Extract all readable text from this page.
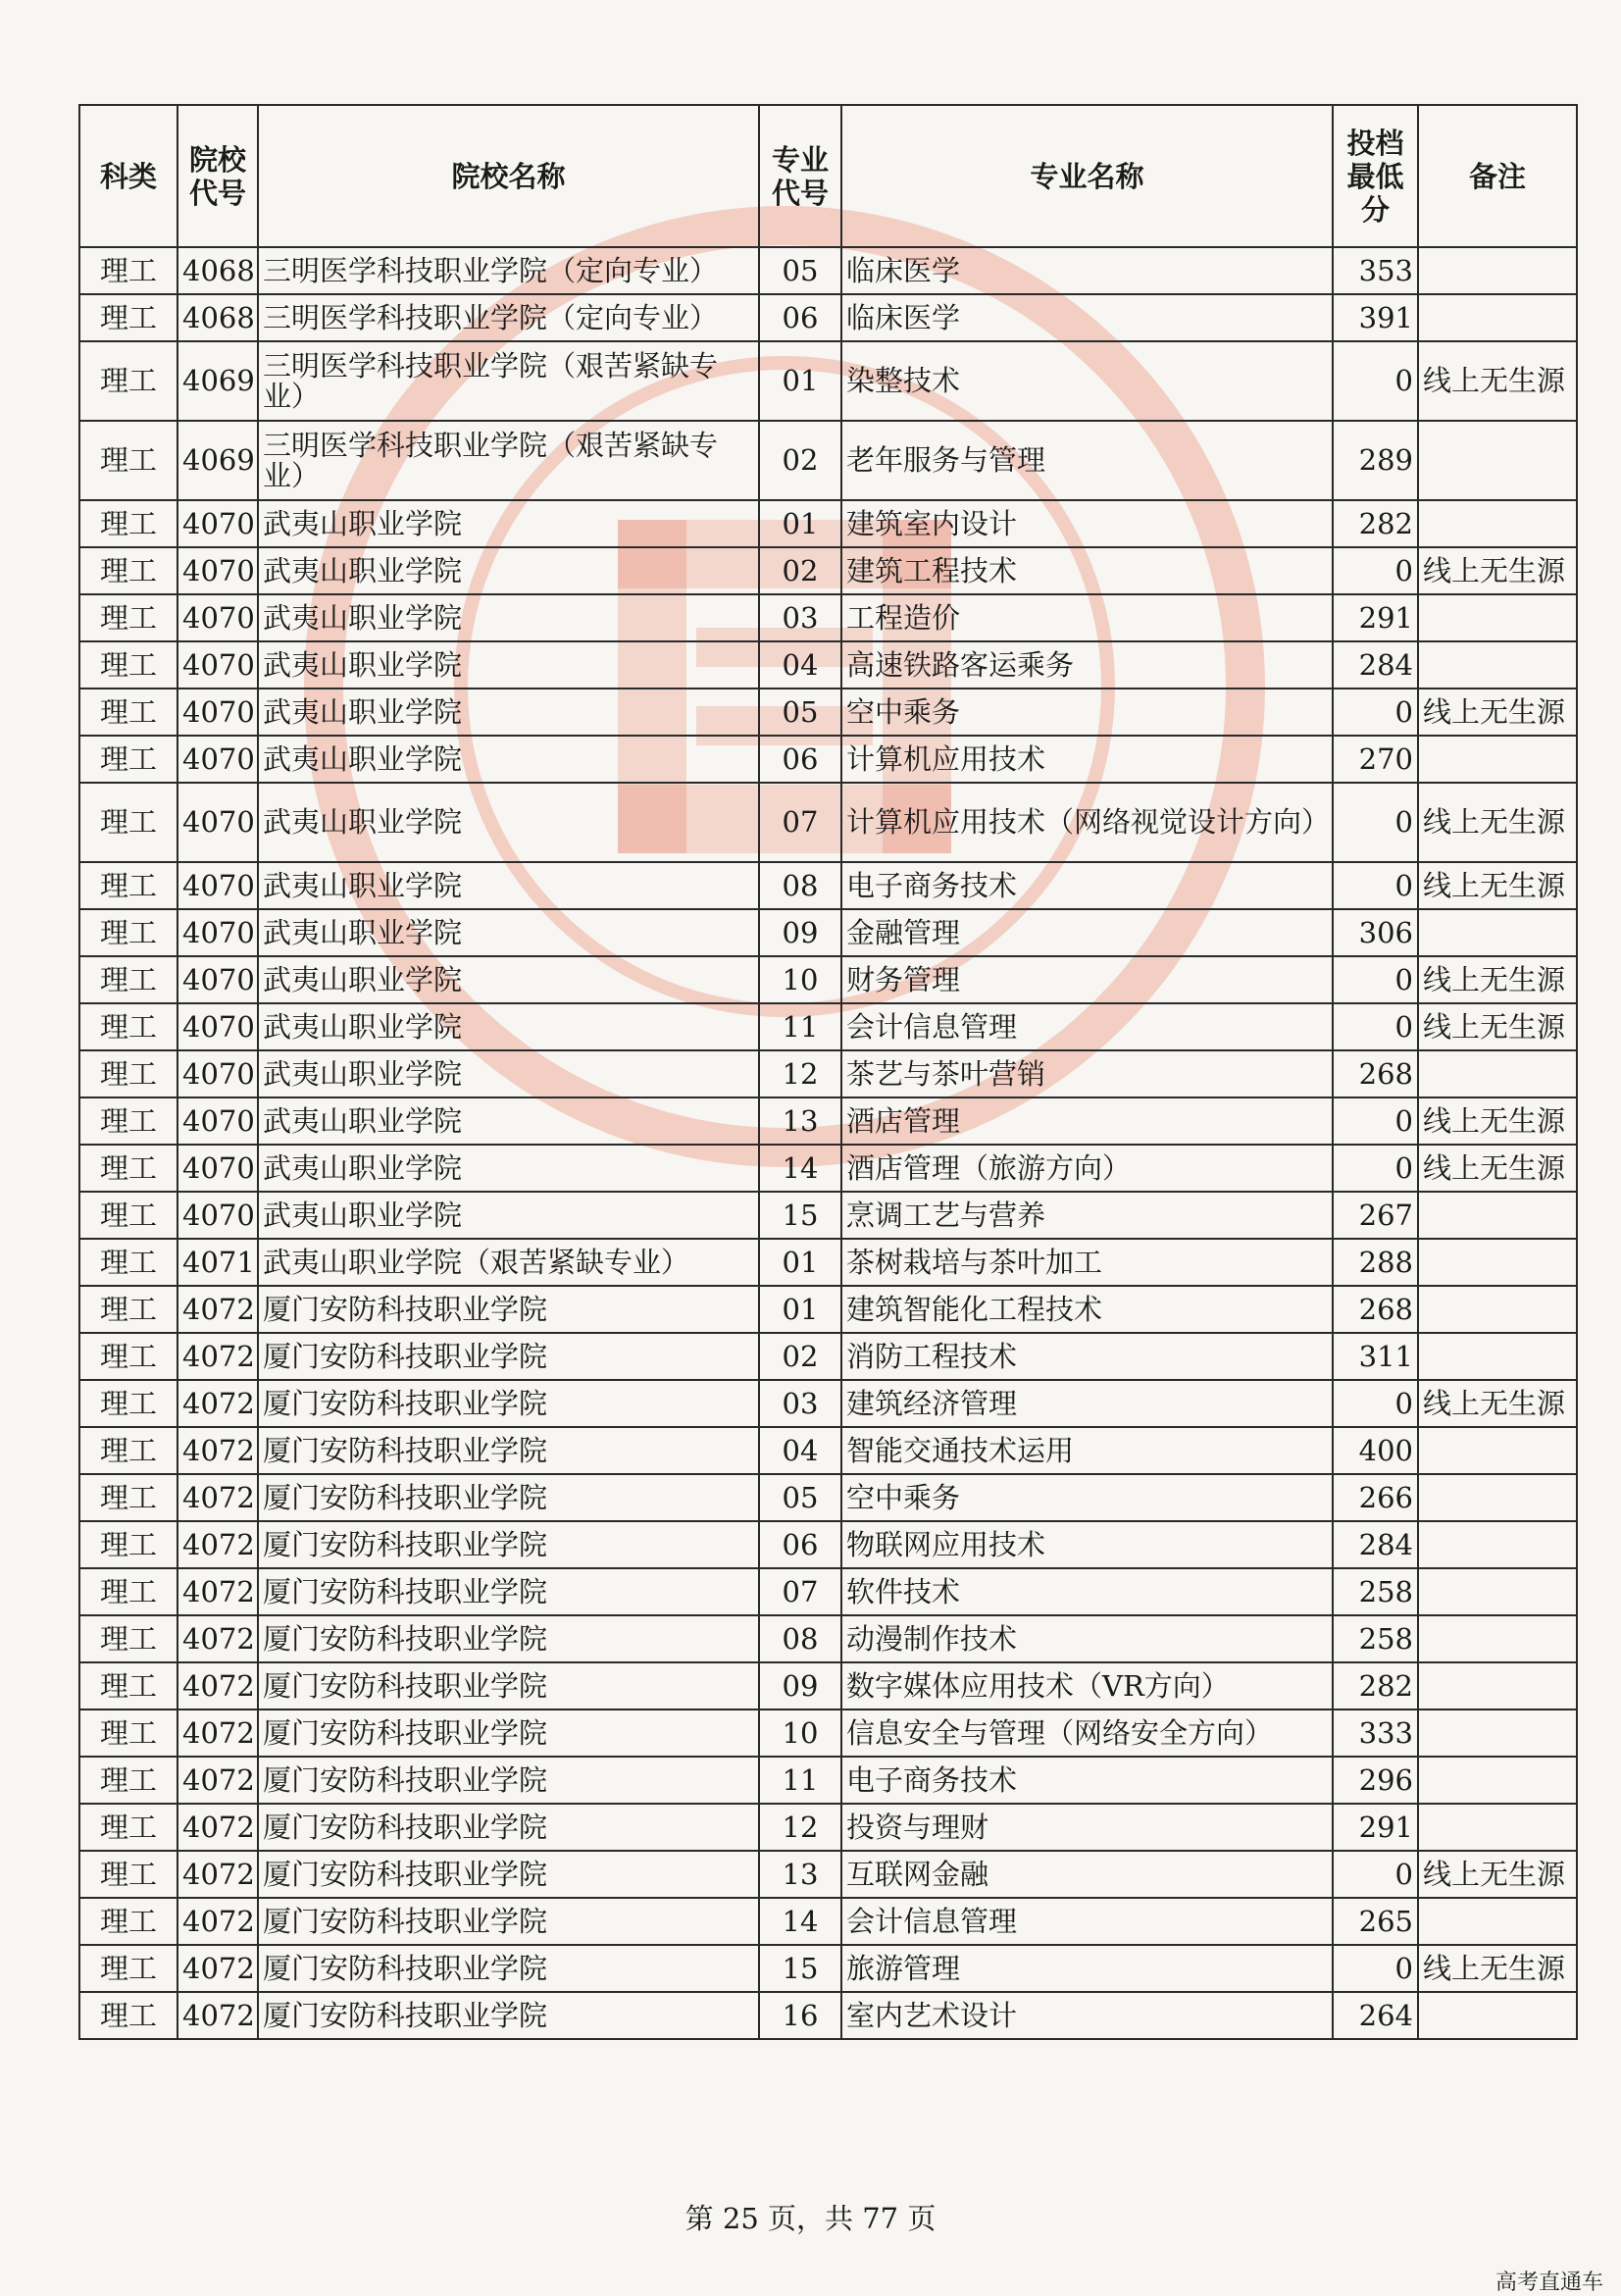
科类	院校代号	院校名称	专业代号	专业名称	投档最低分	备注
理工	4068	三明医学科技职业学院（定向专业）	05	临床医学	353	
理工	4068	三明医学科技职业学院（定向专业）	06	临床医学	391	
理工	4069	三明医学科技职业学院（艰苦紧缺专业）	01	染整技术	0	线上无生源
理工	4069	三明医学科技职业学院（艰苦紧缺专业）	02	老年服务与管理	289	
理工	4070	武夷山职业学院	01	建筑室内设计	282	
理工	4070	武夷山职业学院	02	建筑工程技术	0	线上无生源
理工	4070	武夷山职业学院	03	工程造价	291	
理工	4070	武夷山职业学院	04	高速铁路客运乘务	284	
理工	4070	武夷山职业学院	05	空中乘务	0	线上无生源
理工	4070	武夷山职业学院	06	计算机应用技术	270	
理工	4070	武夷山职业学院	07	计算机应用技术（网络视觉设计方向）	0	线上无生源
理工	4070	武夷山职业学院	08	电子商务技术	0	线上无生源
理工	4070	武夷山职业学院	09	金融管理	306	
理工	4070	武夷山职业学院	10	财务管理	0	线上无生源
理工	4070	武夷山职业学院	11	会计信息管理	0	线上无生源
理工	4070	武夷山职业学院	12	茶艺与茶叶营销	268	
理工	4070	武夷山职业学院	13	酒店管理	0	线上无生源
理工	4070	武夷山职业学院	14	酒店管理（旅游方向）	0	线上无生源
理工	4070	武夷山职业学院	15	烹调工艺与营养	267	
理工	4071	武夷山职业学院（艰苦紧缺专业）	01	茶树栽培与茶叶加工	288	
理工	4072	厦门安防科技职业学院	01	建筑智能化工程技术	268	
理工	4072	厦门安防科技职业学院	02	消防工程技术	311	
理工	4072	厦门安防科技职业学院	03	建筑经济管理	0	线上无生源
理工	4072	厦门安防科技职业学院	04	智能交通技术运用	400	
理工	4072	厦门安防科技职业学院	05	空中乘务	266	
理工	4072	厦门安防科技职业学院	06	物联网应用技术	284	
理工	4072	厦门安防科技职业学院	07	软件技术	258	
理工	4072	厦门安防科技职业学院	08	动漫制作技术	258	
理工	4072	厦门安防科技职业学院	09	数字媒体应用技术（VR方向）	282	
理工	4072	厦门安防科技职业学院	10	信息安全与管理（网络安全方向）	333	
理工	4072	厦门安防科技职业学院	11	电子商务技术	296	
理工	4072	厦门安防科技职业学院	12	投资与理财	291	
理工	4072	厦门安防科技职业学院	13	互联网金融	0	线上无生源
理工	4072	厦门安防科技职业学院	14	会计信息管理	265	
理工	4072	厦门安防科技职业学院	15	旅游管理	0	线上无生源
理工	4072	厦门安防科技职业学院	16	室内艺术设计	264	
第 25 页，共 77 页
高考直通车
